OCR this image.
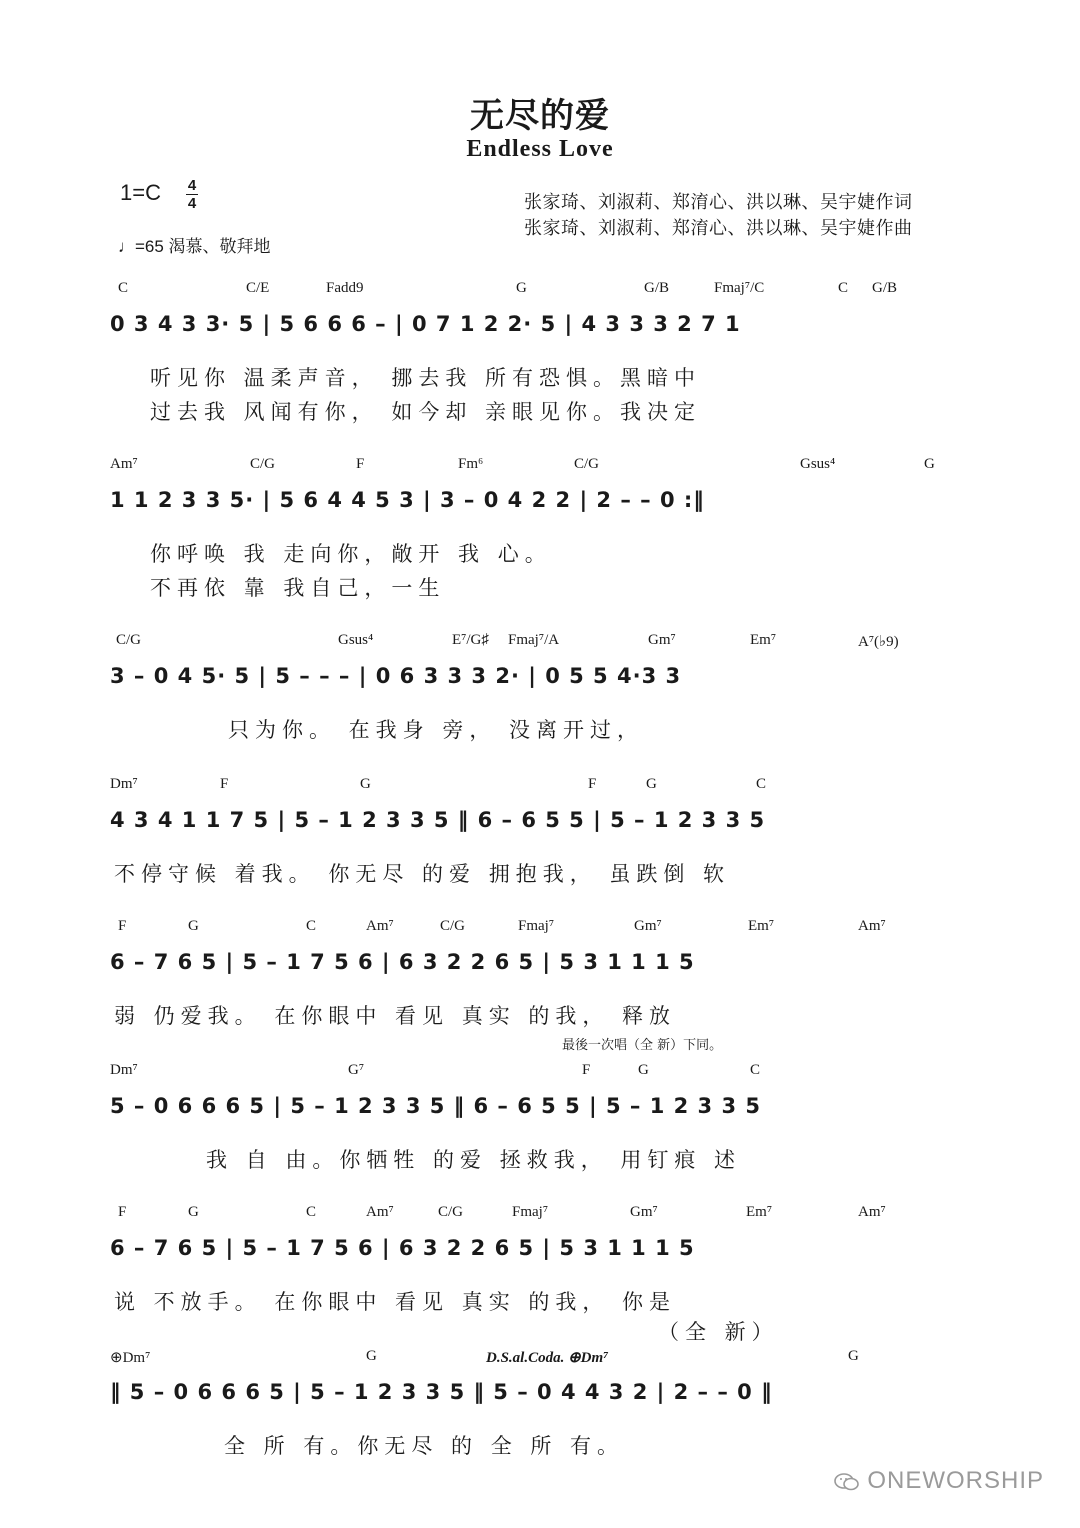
无尽的爱
Endless Love
1=C 4
4
♩=65 渴慕、敬拜地
张家琦、刘淑莉、郑淯心、洪以琳、吴宇婕作词
张家琦、刘淑莉、郑淯心、洪以琳、吴宇婕作曲
C	C/E	Fadd9	G	G/B	Fmaj⁷/C	C G/B
0 3 4 3 3· 5 | 5 6 6 6 – | 0 7 1 2 2· 5 | 4 3 3 3 2 7 1
听见你 温柔声音， 挪去我 所有恐惧。黑暗中
过去我 风闻有你， 如今却 亲眼见你。我决定
Am⁷	C/G	F	Fm⁶	C/G	Gsus⁴	G
1 1 2 3 3 5· | 5 6 4 4 5 3 | 3 – 0 4 2 2 | 2 – – 0 :‖
你呼唤 我 走向你，敞开 我 心。
不再依 靠 我自己，一生
C/G	Gsus⁴	E⁷/G♯ Fmaj⁷/A	Gm⁷	Em⁷	A⁷(♭9)
3 – 0 4 5· 5 | 5 – – – | 0 6 3 3 3 2· | 0 5 5 4·3 3
只为你。 在我身 旁， 没离开过，
Dm⁷	F	G	F	G	C
4 3 4 1 1 7 5 | 5 – 1 2 3 3 5 ‖ 6 – 6 5 5 | 5 – 1 2 3 3 5
不停守候 着我。 你无尽 的爱 拥抱我， 虽跌倒 软
F	G	C	Am⁷	C/G	Fmaj⁷	Gm⁷	Em⁷	Am⁷
6 – 7 6 5 | 5 – 1 7 5 6 | 6 3 2 2 6 5 | 5 3 1 1 1 5
弱 仍爱我。 在你眼中 看见 真实 的我， 释放
最後一次唱（全 新）下同。
Dm⁷	G⁷	F	G	C
5 – 0 6 6 6 5 | 5 – 1 2 3 3 5 ‖ 6 – 6 5 5 | 5 – 1 2 3 3 5
我 自 由。你牺牲 的爱 拯救我， 用钉痕 述
F	G	C	Am⁷	C/G	Fmaj⁷	Gm⁷	Em⁷	Am⁷
6 – 7 6 5 | 5 – 1 7 5 6 | 6 3 2 2 6 5 | 5 3 1 1 1 5
说 不放手。 在你眼中 看见 真实 的我， 你是
（全 新）
⊕Dm⁷	G	D.S.al.Coda. ⊕Dm⁷	G
‖ 5 – 0 6 6 6 5 | 5 – 1 2 3 3 5 ‖ 5 – 0 4 4 3 2 | 2 – – 0 ‖
全 所 有。你无尽 的 全 所 有。
ONEWORSHIP
